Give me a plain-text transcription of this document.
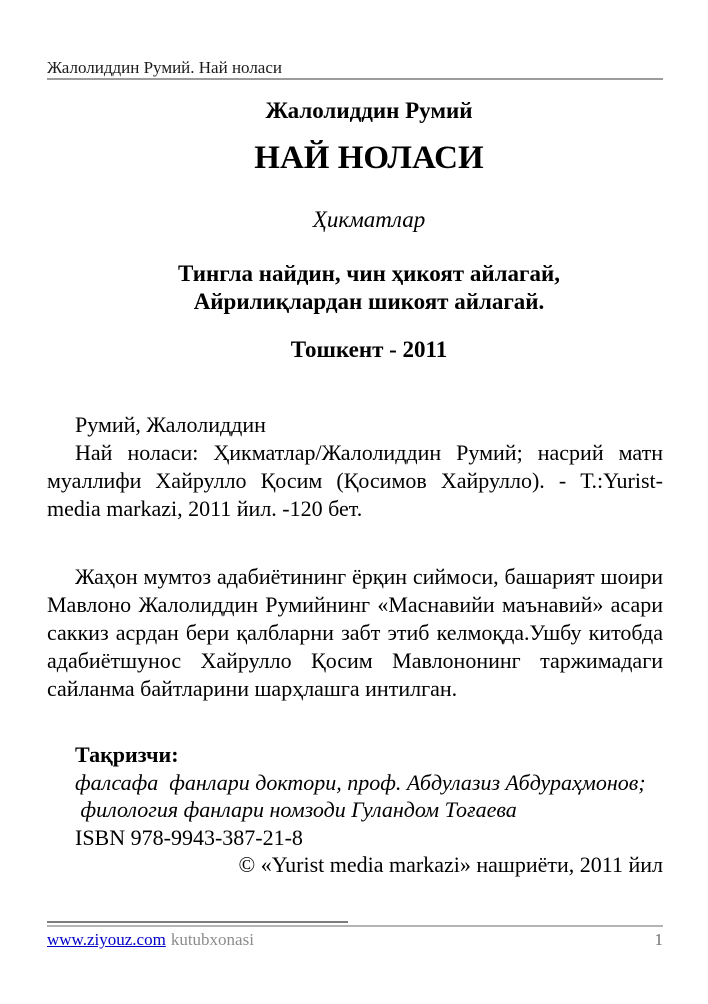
Жалолиддин Румий. Най ноласи
Жалолиддин Румий
НАЙ НОЛАСИ
Ҳикматлар

Тингла найдин, чин ҳикоят айлагай,

Айрилиқлардан шикоят айлагай.

Тошкент - 2011

Румий, Жалолиддин

Най ноласи: Ҳикматлар/Жалолиддин Румий; насрий матн муаллифи Хайрулло Қосим (Қосимов Хайрулло). - Т.:Yurist-media markazi, 2011 йил. -120 бет.

Жаҳон мумтоз адабиётининг ёрқин сиймоси, башарият шоири Мавлоно Жалолиддин Румийнинг «Маснавийи маънавий» асари саккиз асрдан бери қалбларни забт этиб келмоқда.Ушбу китобда адабиётшунос Хайрулло Қосим Мавлононинг таржимадаги сайланма байтларини шарҳлашга интилган.

Тақризчи:
фалсафа  фанлари доктори, проф. Абдулазиз Абдураҳмонов;
филология фанлари номзоди Гуландом Тоғаева
ISBN 978-9943-387-21-8
© «Yurist media markazi» нашриёти, 2011 йил
www.ziyouz.com kutubxonasi	1
